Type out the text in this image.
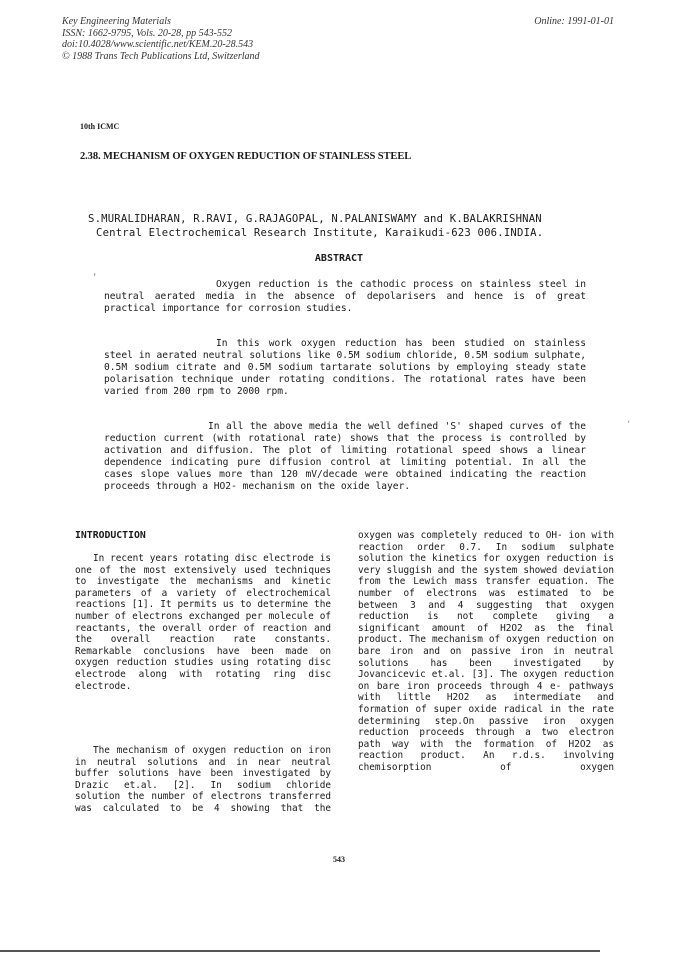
Key Engineering Materials
ISSN: 1662-9795, Vols. 20-28, pp 543-552
doi:10.4028/www.scientific.net/KEM.20-28.543
© 1988 Trans Tech Publications Ltd, Switzerland
Online: 1991-01-01
10th ICMC
2.38. MECHANISM OF OXYGEN REDUCTION OF STAINLESS STEEL
S.MURALIDHARAN, R.RAVI, G.RAJAGOPAL, N.PALANISWAMY and K.BALAKRISHNAN
Central Electrochemical Research Institute, Karaikudi-623 006.INDIA.
,
ABSTRACT
Oxygen reduction is the cathodic process on stainless steel in neutral aerated media in the absence of depolarisers and hence is of great practical importance for corrosion studies.
In this work oxygen reduction has been studied on stainless steel in aerated neutral solutions like 0.5M sodium chloride, 0.5M sodium sulphate, 0.5M sodium citrate and 0.5M sodium tartarate solutions by employing steady state polarisation technique under rotating conditions. The rotational rates have been varied from 200 rpm to 2000 rpm.
'
In all the above media the well defined 'S' shaped curves of the reduction current (with rotational rate) shows that the process is controlled by activation and diffusion. The plot of limiting rotational speed shows a linear dependence indicating pure diffusion control at limiting potential. In all the cases slope values more than 120 mV/decade were obtained indicating the reaction proceeds through a HO2- mechanism on the oxide layer.
INTRODUCTION
In recent years rotating disc electrode is one of the most extensively used techniques to investigate the mechanisms and kinetic parameters of a variety of electrochemical reactions [1]. It permits us to determine the number of electrons exchanged per molecule of reactants, the overall order of reaction and the overall reaction rate constants. Remarkable conclusions have been made on oxygen reduction studies using rotating disc electrode along with rotating ring disc electrode.
The mechanism of oxygen reduction on iron in neutral solutions and in near neutral buffer solutions have been investigated by Drazic et.al. [2]. In sodium chloride solution the number of electrons transferred was calculated to be 4 showing that the
oxygen was completely reduced to OH- ion with reaction order 0.7. In sodium sulphate solution the kinetics for oxygen reduction is very sluggish and the system showed deviation from the Lewich mass transfer equation. The number of electrons was estimated to be between 3 and 4 suggesting that oxygen reduction is not complete giving a significant amount of H2O2 as the final product. The mechanism of oxygen reduction on bare iron and on passive iron in neutral solutions has been investigated by Jovancicevic et.al. [3]. The oxygen reduction on bare iron proceeds through 4 e- pathways with little H2O2 as intermediate and formation of super oxide radical in the rate determining step.On passive iron oxygen reduction proceeds through a two electron path way with the formation of H2O2 as reaction product. An r.d.s. involving chemisorption of oxygen
543
